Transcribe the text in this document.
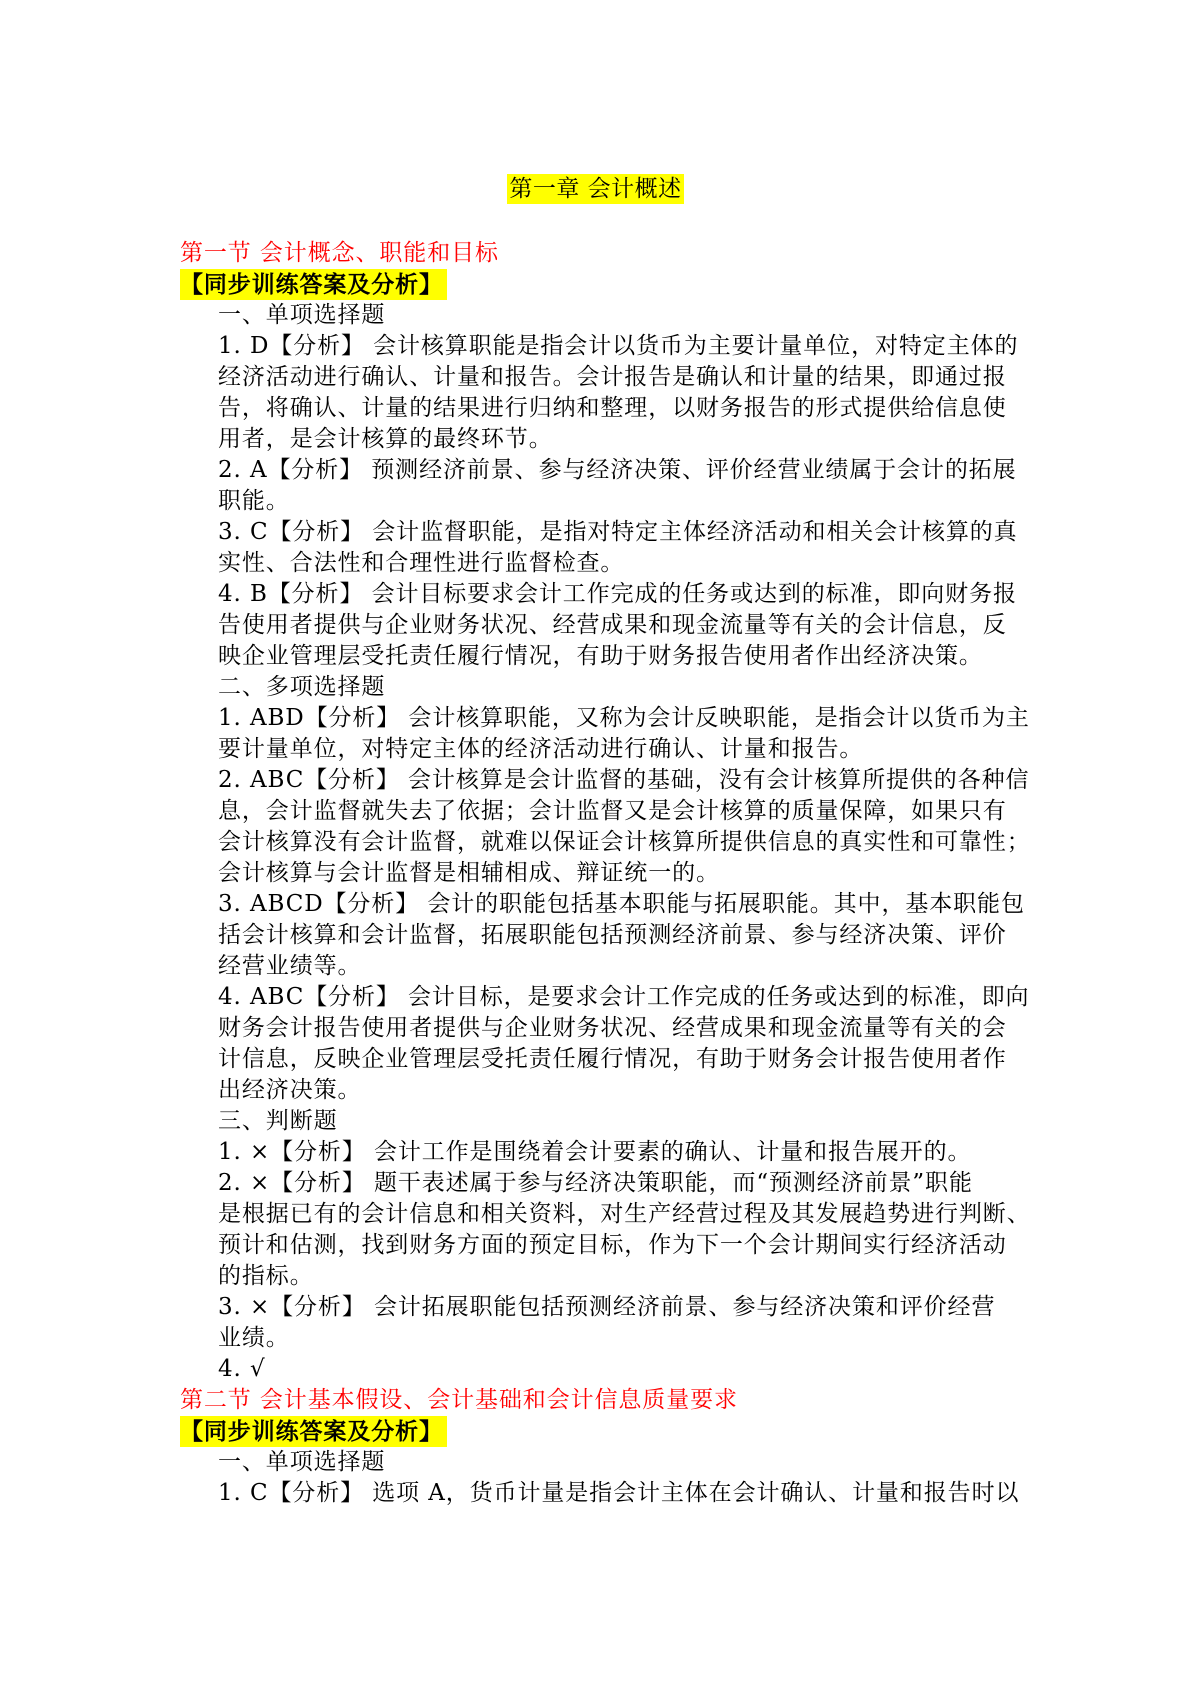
第一章 会计概述
第一节 会计概念、职能和目标
【同步训练答案及分析】
一、单项选择题
1. D【分析】 会计核算职能是指会计以货币为主要计量单位，对特定主体的
经济活动进行确认、计量和报告。会计报告是确认和计量的结果，即通过报
告，将确认、计量的结果进行归纳和整理，以财务报告的形式提供给信息使
用者，是会计核算的最终环节。
2. A【分析】 预测经济前景、参与经济决策、评价经营业绩属于会计的拓展
职能。
3. C【分析】 会计监督职能，是指对特定主体经济活动和相关会计核算的真
实性、合法性和合理性进行监督检查。
4. B【分析】 会计目标要求会计工作完成的任务或达到的标准，即向财务报
告使用者提供与企业财务状况、经营成果和现金流量等有关的会计信息，反
映企业管理层受托责任履行情况，有助于财务报告使用者作出经济决策。
二、多项选择题
1. ABD【分析】 会计核算职能，又称为会计反映职能，是指会计以货币为主
要计量单位，对特定主体的经济活动进行确认、计量和报告。
2. ABC【分析】 会计核算是会计监督的基础，没有会计核算所提供的各种信
息，会计监督就失去了依据；会计监督又是会计核算的质量保障，如果只有
会计核算没有会计监督，就难以保证会计核算所提供信息的真实性和可靠性；
会计核算与会计监督是相辅相成、辩证统一的。
3. ABCD【分析】 会计的职能包括基本职能与拓展职能。其中，基本职能包
括会计核算和会计监督，拓展职能包括预测经济前景、参与经济决策、评价
经营业绩等。
4. ABC【分析】 会计目标，是要求会计工作完成的任务或达到的标准，即向
财务会计报告使用者提供与企业财务状况、经营成果和现金流量等有关的会
计信息，反映企业管理层受托责任履行情况，有助于财务会计报告使用者作
出经济决策。
三、判断题
1. ×【分析】 会计工作是围绕着会计要素的确认、计量和报告展开的。
2. ×【分析】 题干表述属于参与经济决策职能，而“预测经济前景”职能
是根据已有的会计信息和相关资料，对生产经营过程及其发展趋势进行判断、
预计和估测，找到财务方面的预定目标，作为下一个会计期间实行经济活动
的指标。
3. ×【分析】 会计拓展职能包括预测经济前景、参与经济决策和评价经营
业绩。
4. √
第二节 会计基本假设、会计基础和会计信息质量要求
【同步训练答案及分析】
一、单项选择题
1. C【分析】 选项 A，货币计量是指会计主体在会计确认、计量和报告时以
